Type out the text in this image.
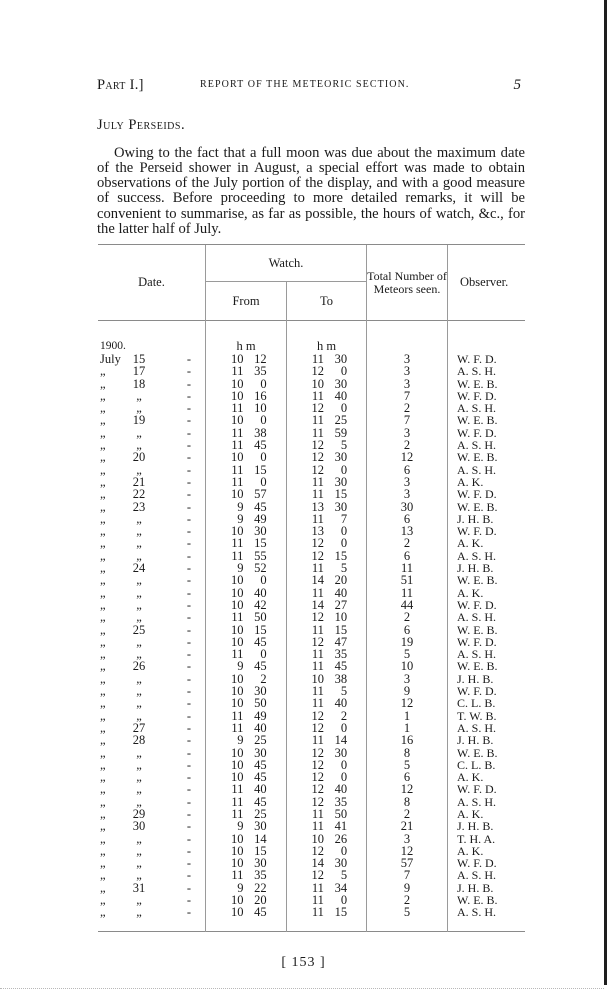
Part I.]	REPORT OF THE METEORIC SECTION.	5
July Perseids.

Owing to the fact that a full moon was due about the maximum date of the Perseid shower in August, a special effort was made to obtain observations of the July portion of the display, and with a good measure of success. Before proceeding to more detailed remarks, it will be convenient to summarise, as far as possible, the hours of watch, &c., for the latter half of July.

Date.	Watch.		Total Number of Meteors seen.	Observer.
	From	To		

1900.	h m	h m		
July 15 -	10 12	11 30	3	W. F. D.
„ 17 -	11 35	12 0	3	A. S. H.
„ 18 -	10 0	10 30	3	W. E. B.
„ „ -	10 16	11 40	7	W. F. D.
„ „ -	11 10	12 0	2	A. S. H.
„ 19 -	10 0	11 25	7	W. E. B.
„ „ -	11 38	11 59	3	W. F. D.
„ „ -	11 45	12 5	2	A. S. H.
„ 20 -	10 0	12 30	12	W. E. B.
„ „ -	11 15	12 0	6	A. S. H.
„ 21 -	11 0	11 30	3	A. K.
„ 22 -	10 57	11 15	3	W. F. D.
„ 23 -	9 45	13 30	30	W. E. B.
„ „ -	9 49	11 7	6	J. H. B.
„ „ -	10 30	13 0	13	W. F. D.
„ „ -	11 15	12 0	2	A. K.
„ „ -	11 55	12 15	6	A. S. H.
„ 24 -	9 52	11 5	11	J. H. B.
„ „ -	10 0	14 20	51	W. E. B.
„ „ -	10 40	11 40	11	A. K.
„ „ -	10 42	14 27	44	W. F. D.
„ „ -	11 50	12 10	2	A. S. H.
„ 25 -	10 15	11 15	6	W. E. B.
„ „ -	10 45	12 47	19	W. F. D.
„ „ -	11 0	11 35	5	A. S. H.
„ 26 -	9 45	11 45	10	W. E. B.
„ „ -	10 2	10 38	3	J. H. B.
„ „ -	10 30	11 5	9	W. F. D.
„ „ -	10 50	11 40	12	C. L. B.
„ „ -	11 49	12 2	1	T. W. B.
„ 27 -	11 40	12 0	1	A. S. H.
„ 28 -	9 25	11 14	16	J. H. B.
„ „ -	10 30	12 30	8	W. E. B.
„ „ -	10 45	12 0	5	C. L. B.
„ „ -	10 45	12 0	6	A. K.
„ „ -	11 40	12 40	12	W. F. D.
„ „ -	11 45	12 35	8	A. S. H.
„ 29 -	11 25	11 50	2	A. K.
„ 30 -	9 30	11 41	21	J. H. B.
„ „ -	10 14	10 26	3	T. H. A.
„ „ -	10 15	12 0	12	A. K.
„ „ -	10 30	14 30	57	W. F. D.
„ „ -	11 35	12 5	7	A. S. H.
„ 31 -	9 22	11 34	9	J. H. B.
„ „ -	10 20	11 0	2	W. E. B.
„ „ -	10 45	11 15	5	A. S. H.

[ 153 ]
